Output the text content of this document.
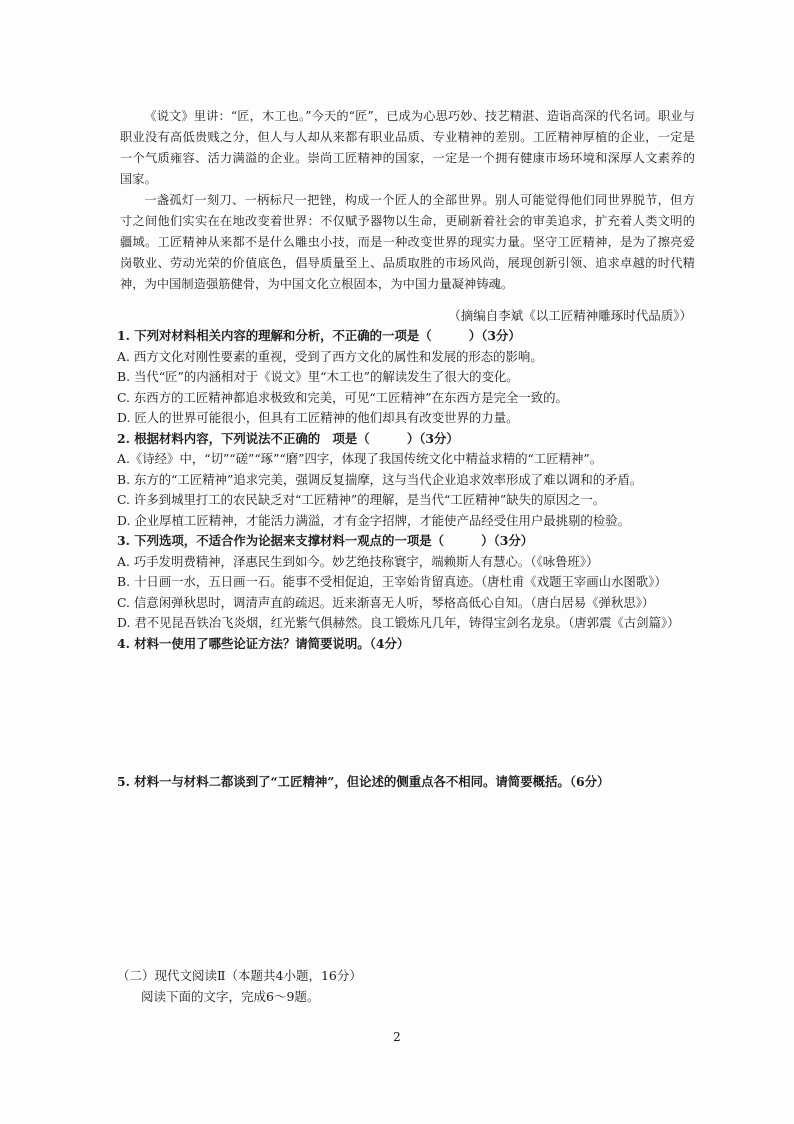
《说文》里讲：“匠，木工也。”今天的“匠”，已成为心思巧妙、技艺精湛、造诣高深的代名词。职业与职业没有高低贵贱之分，但人与人却从来都有职业品质、专业精神的差别。工匠精神厚植的企业，一定是一个气质雍容、活力满溢的企业。崇尚工匠精神的国家，一定是一个拥有健康市场环境和深厚人文素养的国家。

一盏孤灯一刻刀、一柄标尺一把锉，构成一个匠人的全部世界。别人可能觉得他们同世界脱节，但方寸之间他们实实在在地改变着世界：不仅赋予器物以生命，更刷新着社会的审美追求，扩充着人类文明的疆域。工匠精神从来都不是什么雕虫小技，而是一种改变世界的现实力量。坚守工匠精神，是为了擦亮爱岗敬业、劳动光荣的价值底色，倡导质量至上、品质取胜的市场风尚，展现创新引领、追求卓越的时代精神，为中国制造强筋健骨，为中国文化立根固本，为中国力量凝神铸魂。

（摘编自李斌《以工匠精神雕琢时代品质》）

1. 下列对材料相关内容的理解和分析，不正确的一项是（　　　）（3分）

A. 西方文化对刚性要素的重视，受到了西方文化的属性和发展的形态的影响。

B. 当代“匠”的内涵相对于《说文》里“木工也”的解读发生了很大的变化。

C. 东西方的工匠精神都追求极致和完美，可见“工匠精神”在东西方是完全一致的。

D. 匠人的世界可能很小，但具有工匠精神的他们却具有改变世界的力量。

2. 根据材料内容，下列说法不正确的　项是（　　　）（3分）

A.《诗经》中，“切”“磋”“琢”“磨”四字，体现了我国传统文化中精益求精的“工匠精神”。

B. 东方的“工匠精神”追求完美，强调反复揣摩，这与当代企业追求效率形成了难以调和的矛盾。

C. 许多到城里打工的农民缺乏对“工匠精神”的理解，是当代“工匠精神”缺失的原因之一。

D. 企业厚植工匠精神，才能活力满溢，才有金字招牌，才能使产品经受住用户最挑剔的检验。

3. 下列选项，不适合作为论据来支撑材料一观点的一项是（　　　）（3分）

A. 巧手发明费精神，泽惠民生到如今。妙艺绝技称寰宇，端赖斯人有慧心。（《咏鲁班》）

B. 十日画一水，五日画一石。能事不受相促迫，王宰始肯留真迹。（唐杜甫《戏题王宰画山水图歌》）

C. 信意闲弹秋思时，调清声直韵疏迟。近来渐喜无人听，琴格高低心自知。（唐白居易《弹秋思》）

D. 君不见昆吾铁冶飞炎烟，红光紫气俱赫然。良工锻炼凡几年，铸得宝剑名龙泉。（唐郭震《古剑篇》）

4. 材料一使用了哪些论证方法？请简要说明。（4分）

5. 材料一与材料二都谈到了“工匠精神”，但论述的侧重点各不相同。请简要概括。（6分）

（二）现代文阅读Ⅱ（本题共4小题，16分）
阅读下面的文字，完成6～9题。
2
